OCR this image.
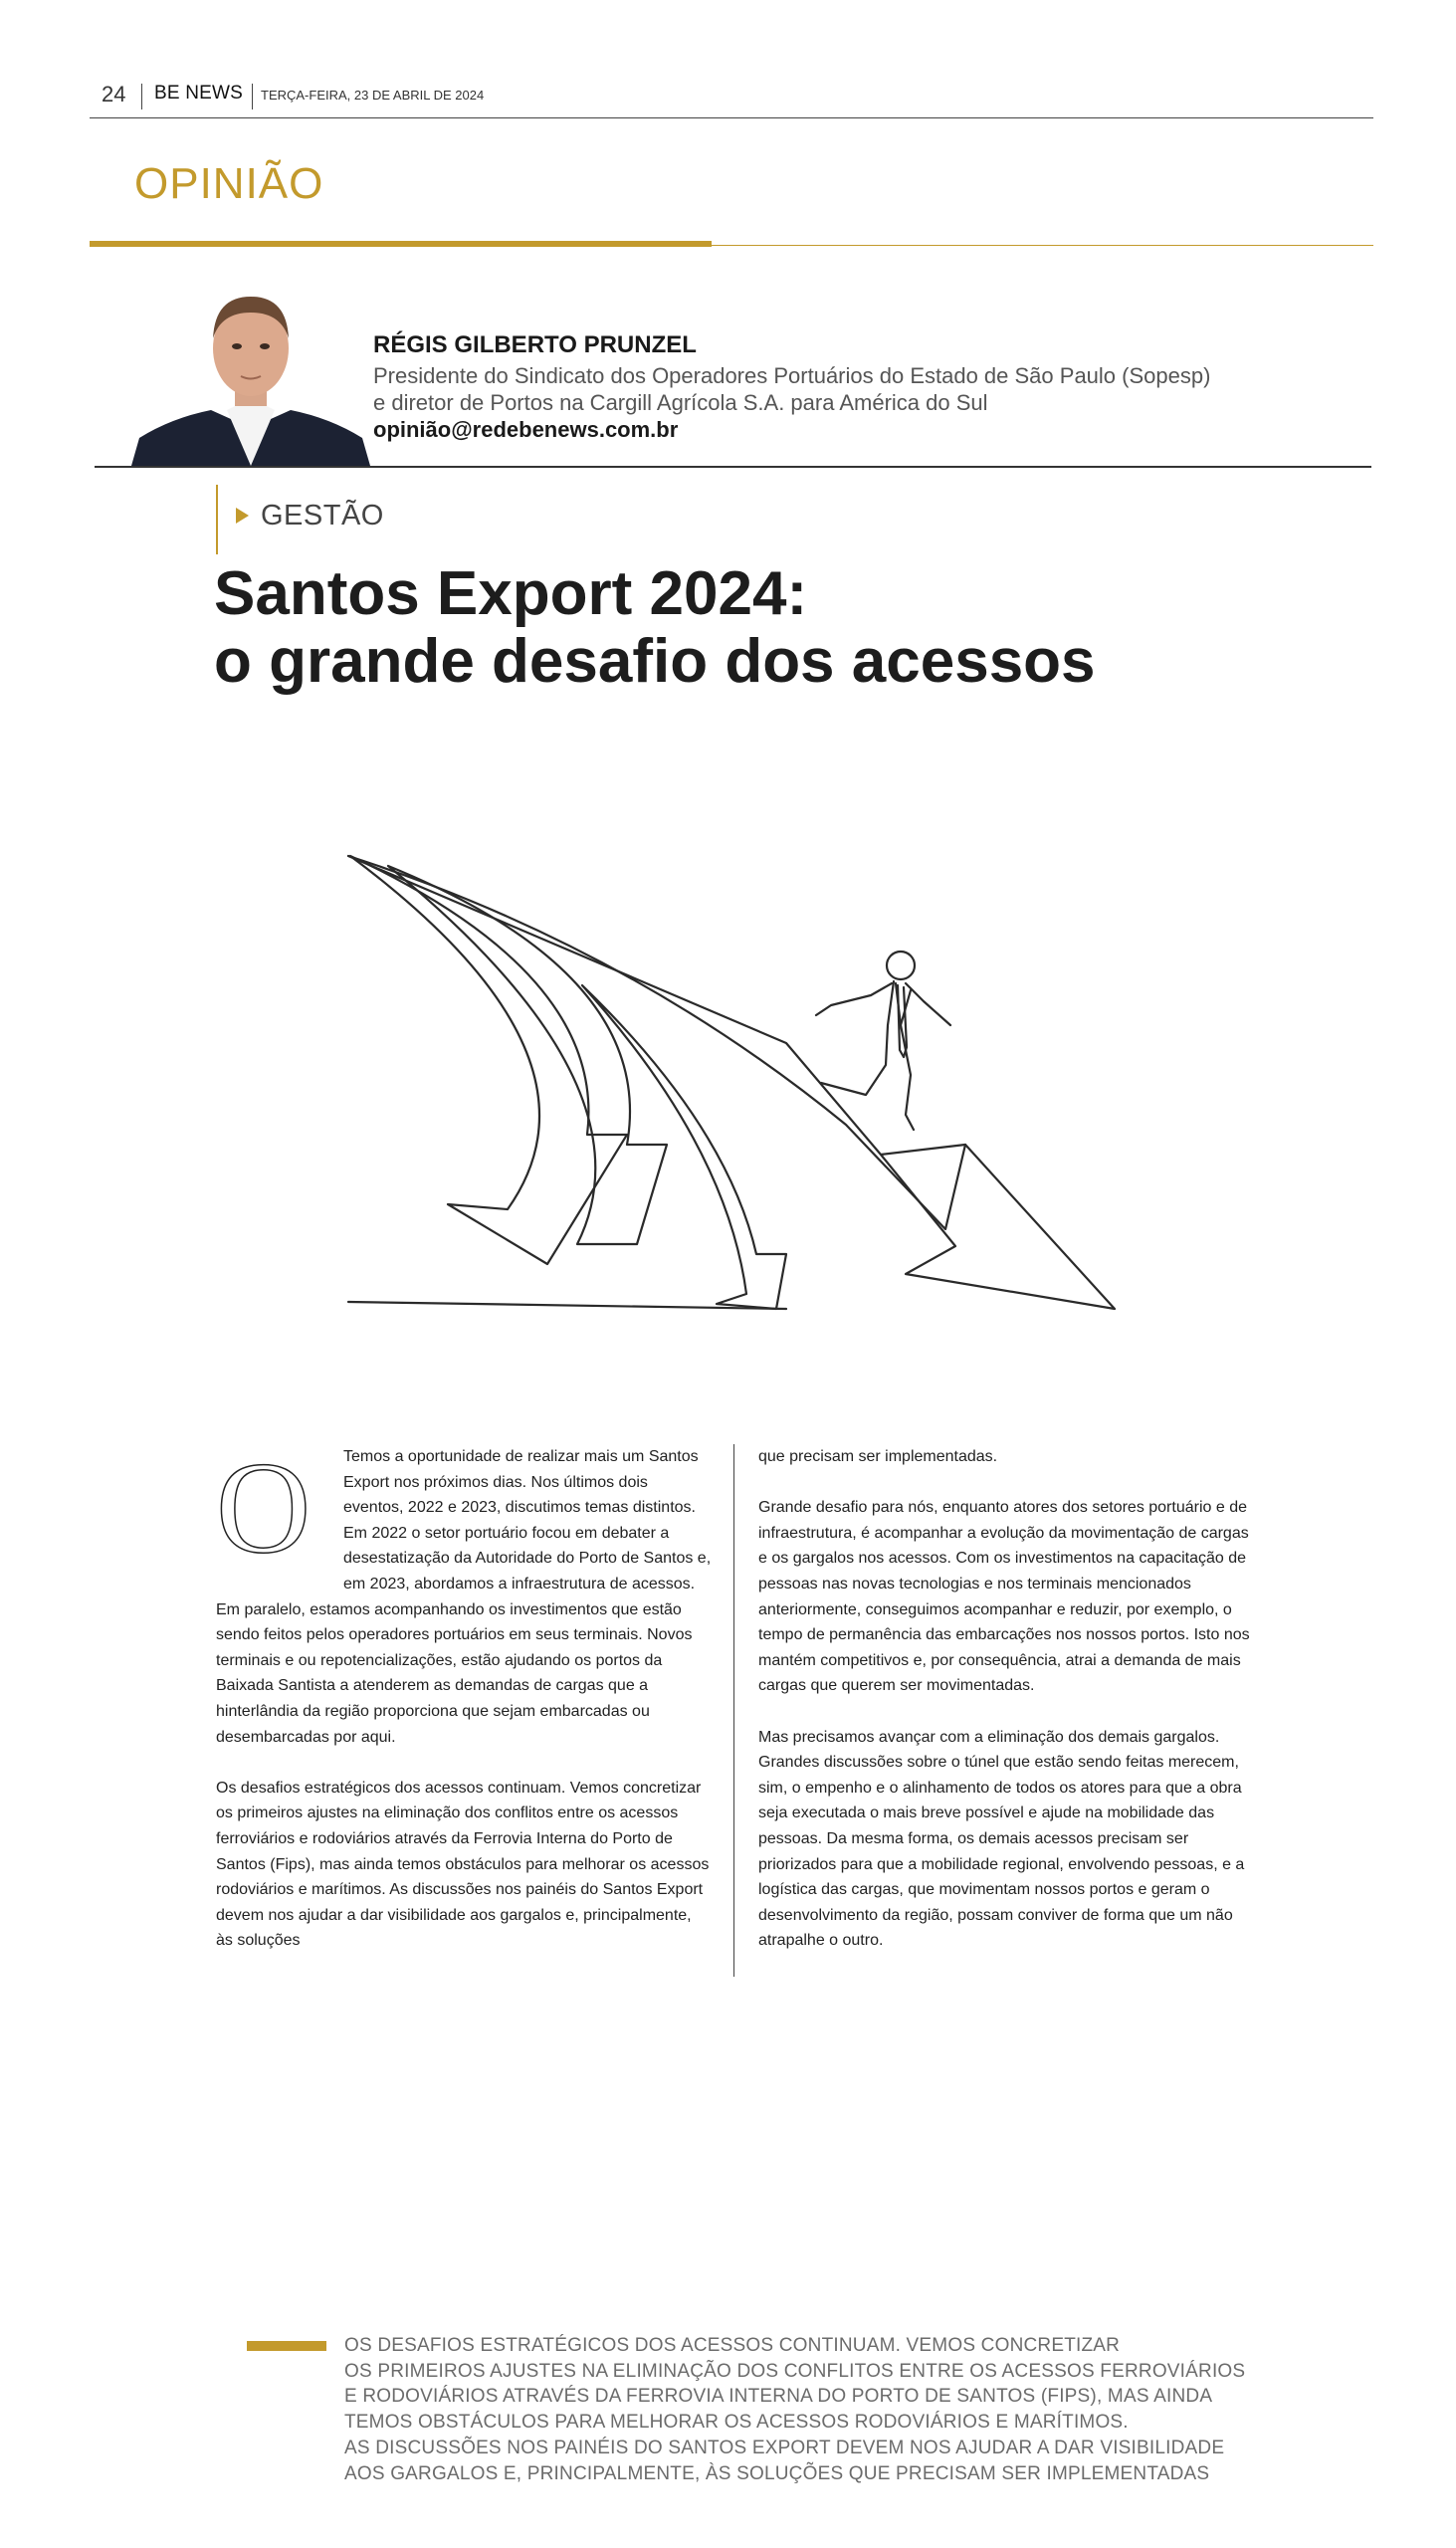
24 BE NEWS TERÇA-FEIRA, 23 DE ABRIL DE 2024
OPINIÃO
RÉGIS GILBERTO PRUNZEL
Presidente do Sindicato dos Operadores Portuários do Estado de São Paulo (Sopesp)
e diretor de Portos na Cargill Agrícola S.A. para América do Sul
opinião@redebenews.com.br
GESTÃO
Santos Export 2024:
o grande desafio dos acessos

O	Temos a oportunidade de realizar mais um Santos Export nos próximos dias. Nos últimos dois eventos, 2022 e 2023, discutimos temas distintos. Em 2022 o setor portuário focou em debater a desestatização da Autoridade do Porto de Santos e, em 2023, abordamos a infraestrutura de acessos. Em paralelo, estamos acompanhando os investimentos que estão sendo feitos pelos operadores portuários em seus terminais. Novos terminais e ou repotencializações, estão ajudando os portos da Baixada Santista a atenderem as demandas de cargas que a hinterlândia da região proporciona que sejam embarcadas ou desembarcadas por aqui.

Os desafios estratégicos dos acessos continuam. Vemos concretizar os primeiros ajustes na eliminação dos conflitos entre os acessos ferroviários e rodoviários através da Ferrovia Interna do Porto de Santos (Fips), mas ainda temos obstáculos para melhorar os acessos rodoviários e marítimos. As discussões nos painéis do Santos Export devem nos ajudar a dar visibilidade aos gargalos e, principalmente, às soluções

que precisam ser implementadas.

Grande desafio para nós, enquanto atores dos setores portuário e de infraestrutura, é acompanhar a evolução da movimentação de cargas e os gargalos nos acessos. Com os investimentos na capacitação de pessoas nas novas tecnologias e nos terminais mencionados anteriormente, conseguimos acompanhar e reduzir, por exemplo, o tempo de permanência das embarcações nos nossos portos. Isto nos mantém competitivos e, por consequência, atrai a demanda de mais cargas que querem ser movimentadas.

Mas precisamos avançar com a eliminação dos demais gargalos. Grandes discussões sobre o túnel que estão sendo feitas merecem, sim, o empenho e o alinhamento de todos os atores para que a obra seja executada o mais breve possível e ajude na mobilidade das pessoas. Da mesma forma, os demais acessos precisam ser priorizados para que a mobilidade regional, envolvendo pessoas, e a logística das cargas, que movimentam nossos portos e geram o desenvolvimento da região, possam conviver de forma que um não atrapalhe o outro.

OS DESAFIOS ESTRATÉGICOS DOS ACESSOS CONTINUAM. VEMOS CONCRETIZAR
OS PRIMEIROS AJUSTES NA ELIMINAÇÃO DOS CONFLITOS ENTRE OS ACESSOS FERROVIÁRIOS
E RODOVIÁRIOS ATRAVÉS DA FERROVIA INTERNA DO PORTO DE SANTOS (FIPS), MAS AINDA
TEMOS OBSTÁCULOS PARA MELHORAR OS ACESSOS RODOVIÁRIOS E MARÍTIMOS.
AS DISCUSSÕES NOS PAINÉIS DO SANTOS EXPORT DEVEM NOS AJUDAR A DAR VISIBILIDADE
AOS GARGALOS E, PRINCIPALMENTE, ÀS SOLUÇÕES QUE PRECISAM SER IMPLEMENTADAS
